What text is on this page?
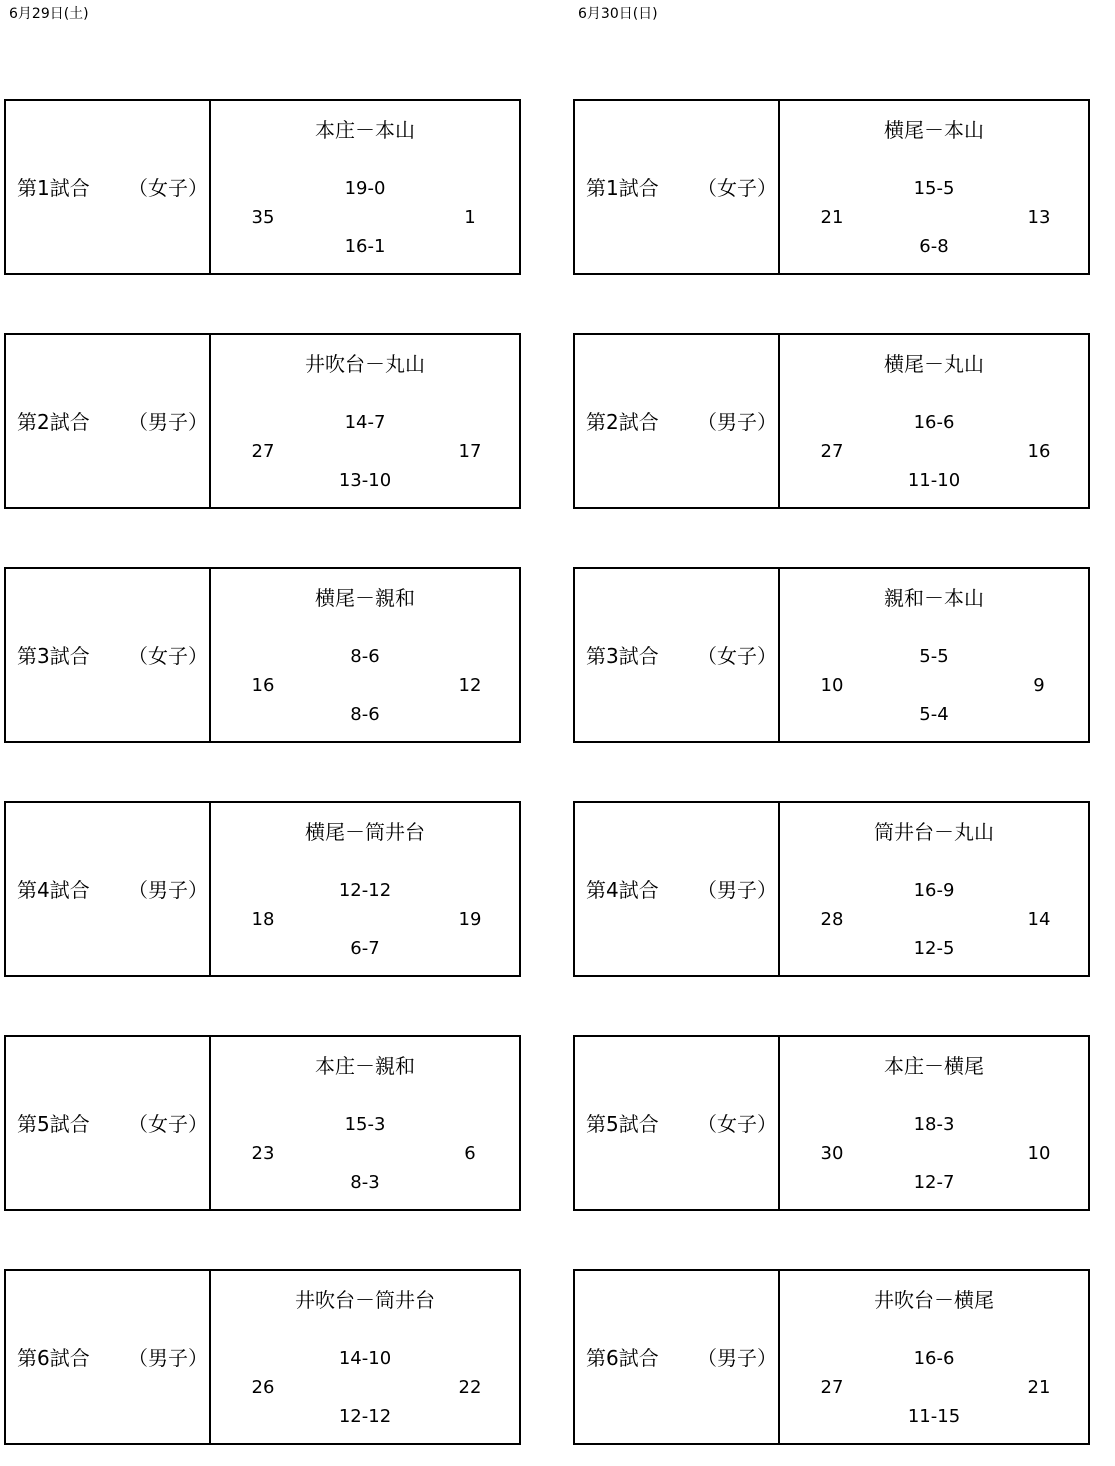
6月29日(土)
第1試合 （女子）
本庄－本山
19-0
35	1
16-1
第2試合 （男子）
井吹台－丸山
14-7
27	17
13-10
第3試合 （女子）
横尾－親和
8-6
16	12
8-6
第4試合 （男子）
横尾－筒井台
12-12
18	19
6-7
第5試合 （女子）
本庄－親和
15-3
23	6
8-3
第6試合 （男子）
井吹台－筒井台
14-10
26	22
12-12
6月30日(日)
第1試合 （女子）
横尾－本山
15-5
21	13
6-8
第2試合 （男子）
横尾－丸山
16-6
27	16
11-10
第3試合 （女子）
親和－本山
5-5
10	9
5-4
第4試合 （男子）
筒井台－丸山
16-9
28	14
12-5
第5試合 （女子）
本庄－横尾
18-3
30	10
12-7
第6試合 （男子）
井吹台－横尾
16-6
27	21
11-15
